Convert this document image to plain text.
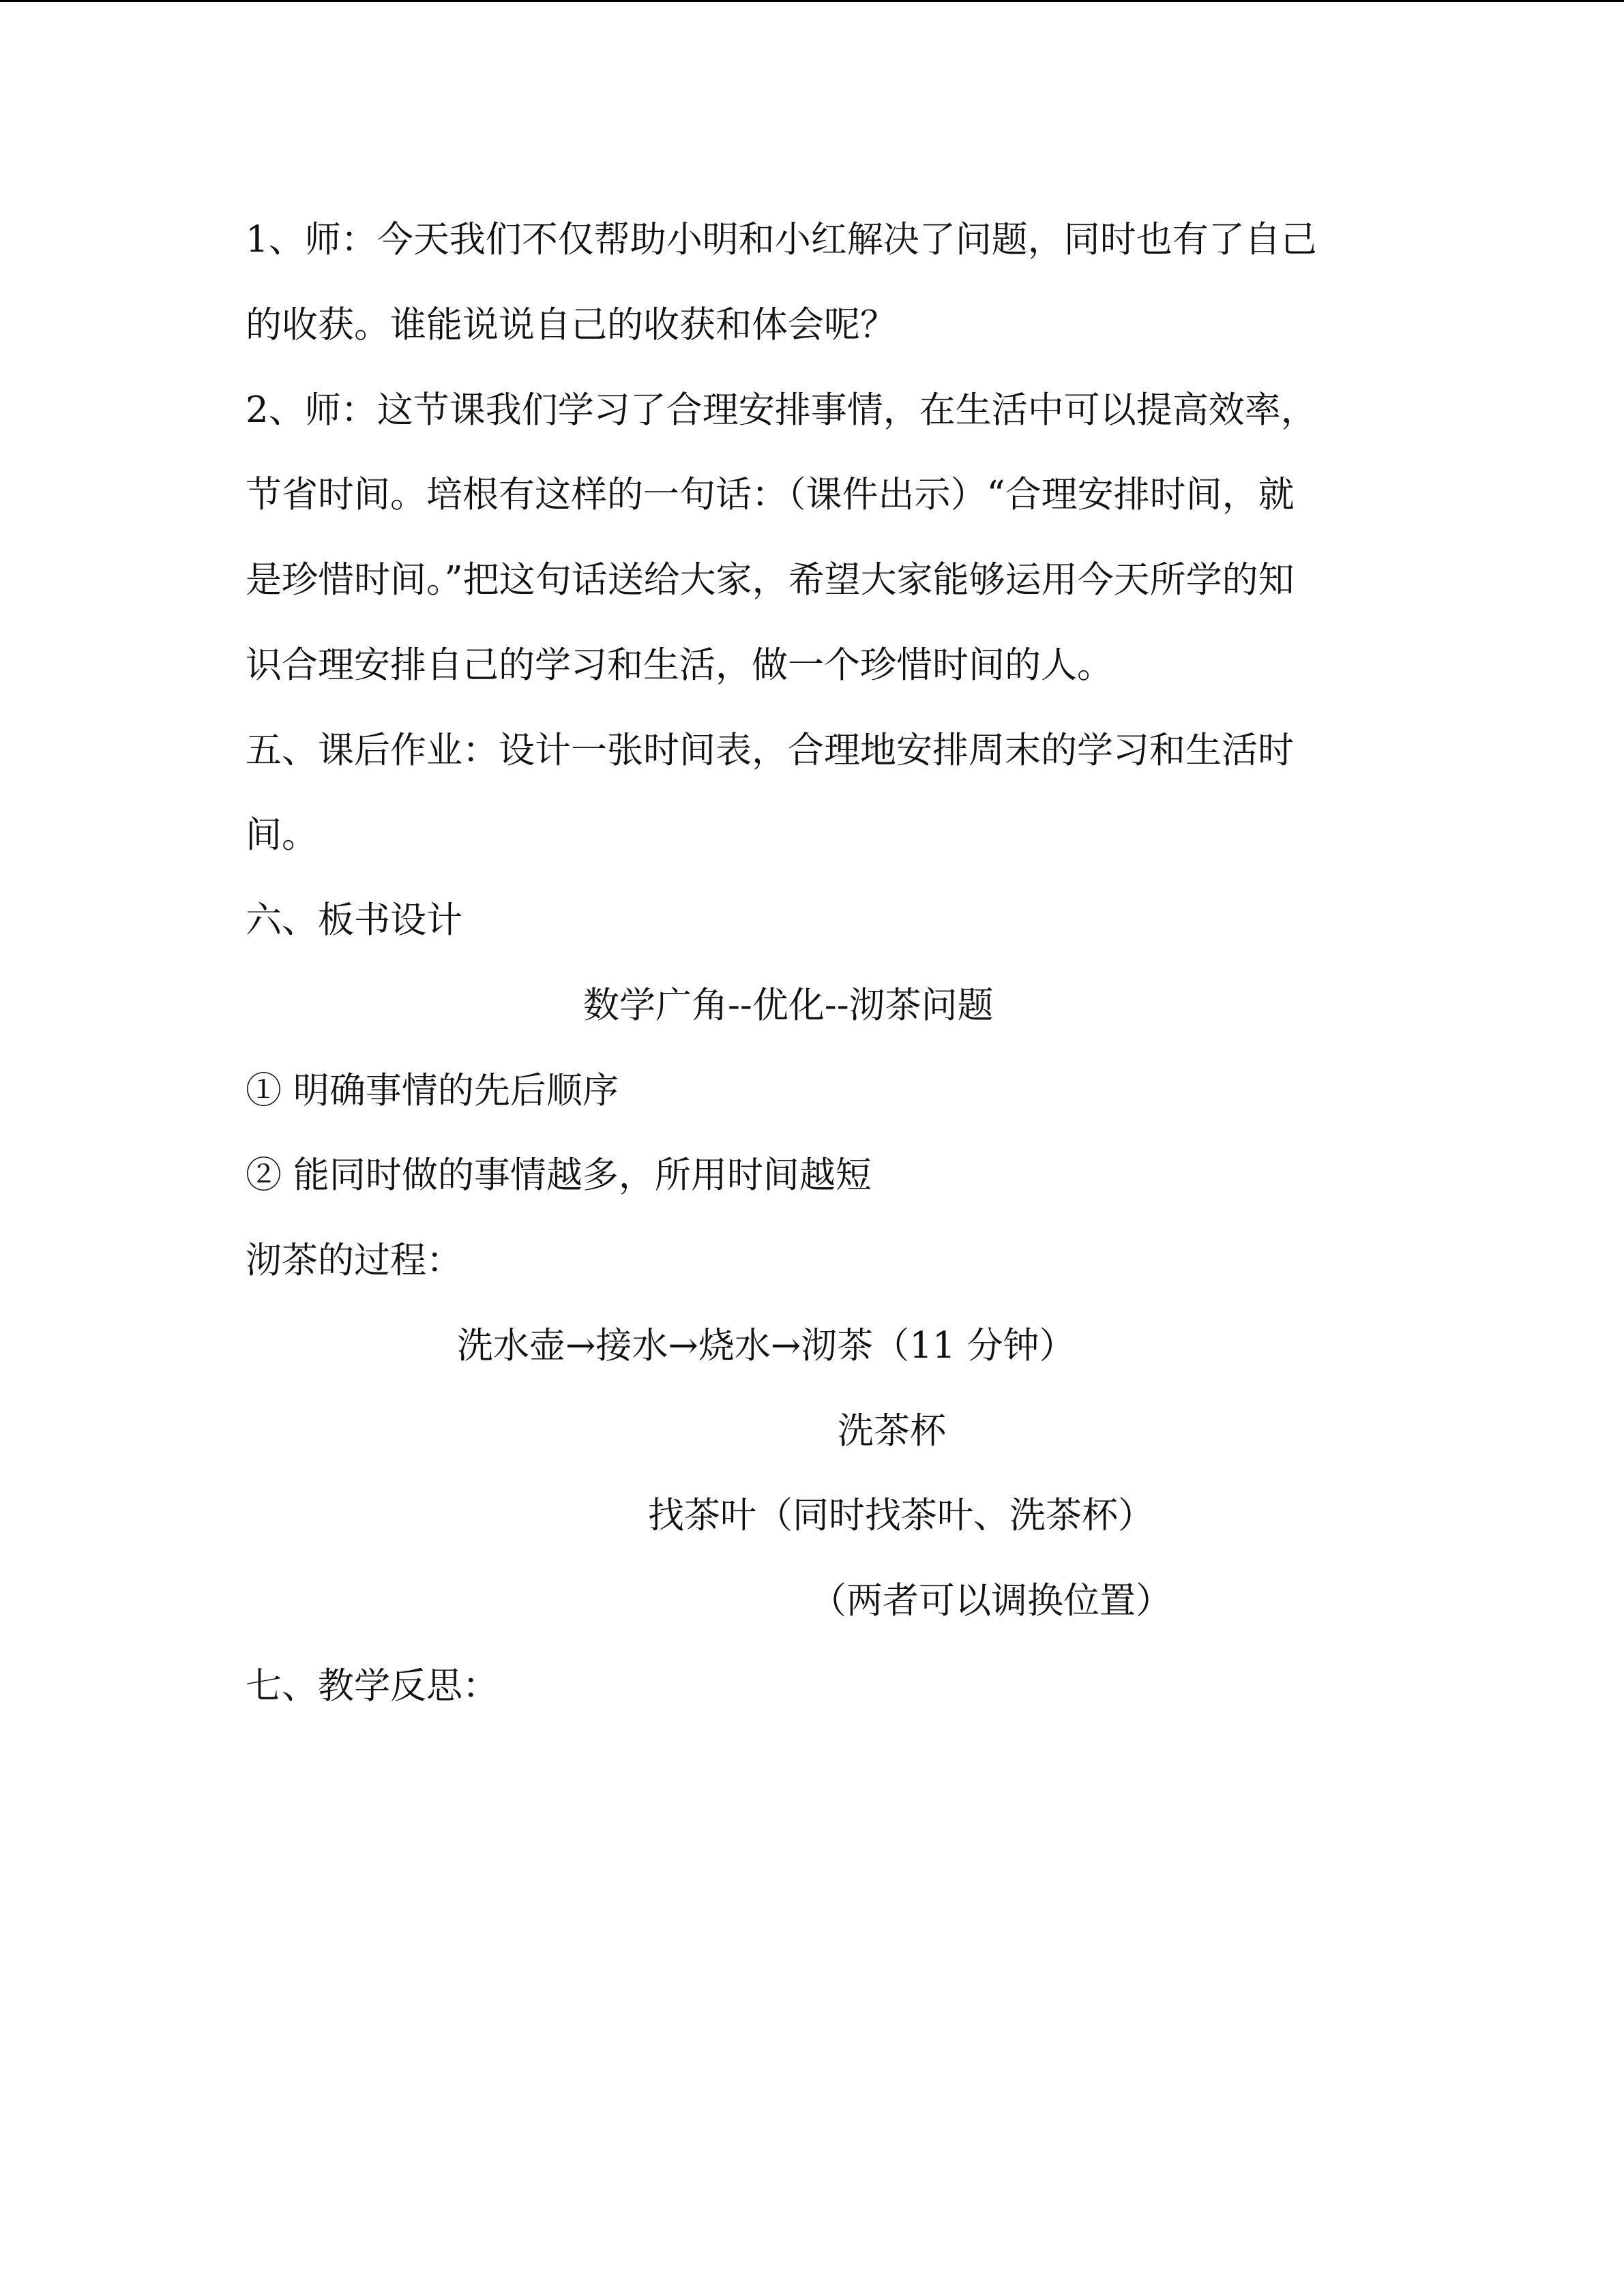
1、师：今天我们不仅帮助小明和小红解决了问题，同时也有了自己
的收获。谁能说说自己的收获和体会呢？
2、师：这节课我们学习了合理安排事情，在生活中可以提高效率，
节省时间。培根有这样的一句话：（课件出示）“合理安排时间，就
是珍惜时间。”把这句话送给大家，希望大家能够运用今天所学的知
识合理安排自己的学习和生活，做一个珍惜时间的人。
五、课后作业：设计一张时间表，合理地安排周末的学习和生活时
间。
六、板书设计
数学广角--优化--沏茶问题
① 明确事情的先后顺序
② 能同时做的事情越多，所用时间越短
沏茶的过程：
洗水壶→接水→烧水→沏茶（11 分钟）
洗茶杯
找茶叶（同时找茶叶、洗茶杯）
（两者可以调换位置）
七、教学反思：
